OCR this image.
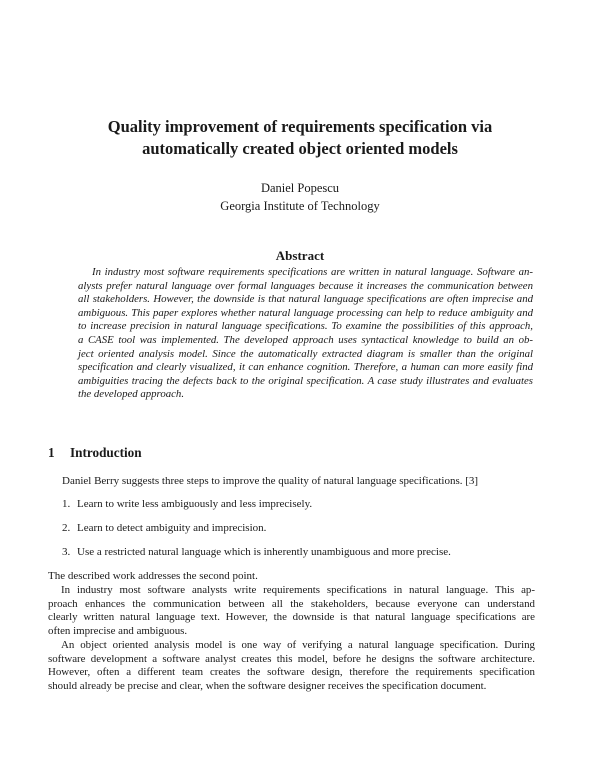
Quality improvement of requirements specification via
automatically created object oriented models
Daniel Popescu
Georgia Institute of Technology
Abstract
In industry most software requirements specifications are written in natural language. Software an-
alysts prefer natural language over formal languages because it increases the communication between
all stakeholders. However, the downside is that natural language specifications are often imprecise and
ambiguous. This paper explores whether natural language processing can help to reduce ambiguity and
to increase precision in natural language specifications. To examine the possibilities of this approach,
a CASE tool was implemented. The developed approach uses syntactical knowledge to build an ob-
ject oriented analysis model. Since the automatically extracted diagram is smaller than the original
specification and clearly visualized, it can enhance cognition. Therefore, a human can more easily find
ambiguities tracing the defects back to the original specification. A case study illustrates and evaluates
the developed approach.
1 Introduction
Daniel Berry suggests three steps to improve the quality of natural language specifications. [3]
1. Learn to write less ambiguously and less imprecisely.
2. Learn to detect ambiguity and imprecision.
3. Use a restricted natural language which is inherently unambiguous and more precise.
The described work addresses the second point.
In industry most software analysts write requirements specifications in natural language. This ap-
proach enhances the communication between all the stakeholders, because everyone can understand
clearly written natural language text. However, the downside is that natural language specifications are
often imprecise and ambiguous.
An object oriented analysis model is one way of verifying a natural language specification. During
software development a software analyst creates this model, before he designs the software architecture.
However, often a different team creates the software design, therefore the requirements specification
should already be precise and clear, when the software designer receives the specification document.
